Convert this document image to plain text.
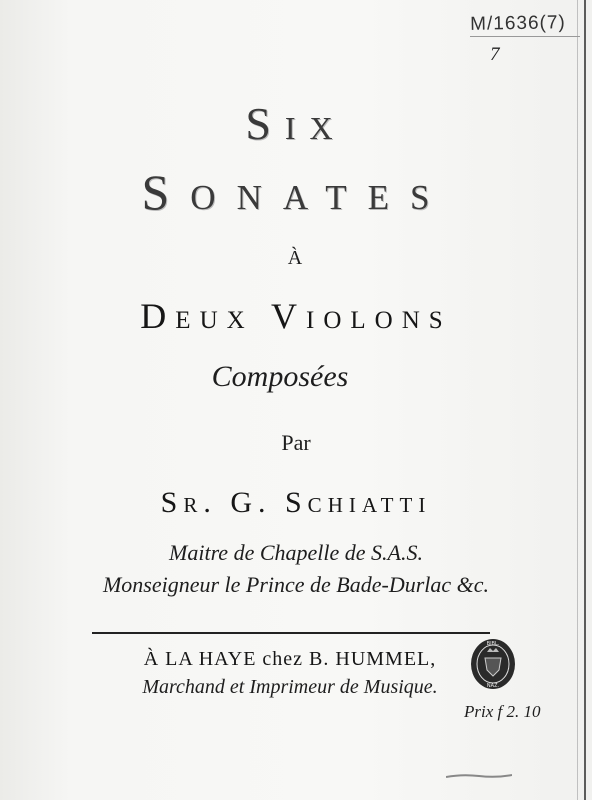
M/1636(7)
7
Six
Sonates
À
Deux Violons
Composées
Par
Sr. G. Schiatti
Maitre de Chapelle de S.A.S.
Monseigneur le Prince de Bade-Durlac &c.
À LA HAYE chez B. HUMMEL,
Marchand et Imprimeur de Musique.
BIBL.
NAZ.
Prix f 2. 10
